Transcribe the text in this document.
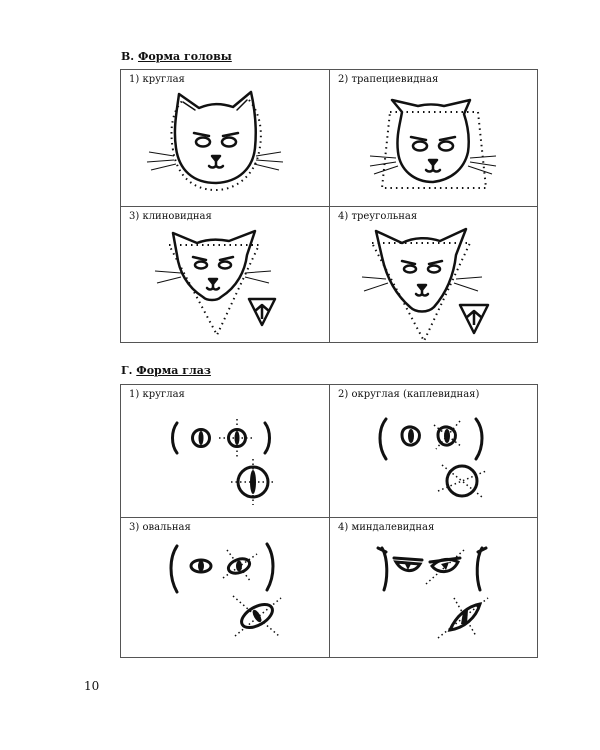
В. Форма головы
1) круглая	2) трапециевидная
3) клиновидная	4) треугольная
Г. Форма глаз
1) круглая	2) округлая (каплевидная)
3) овальная	4) миндалевидная
10
